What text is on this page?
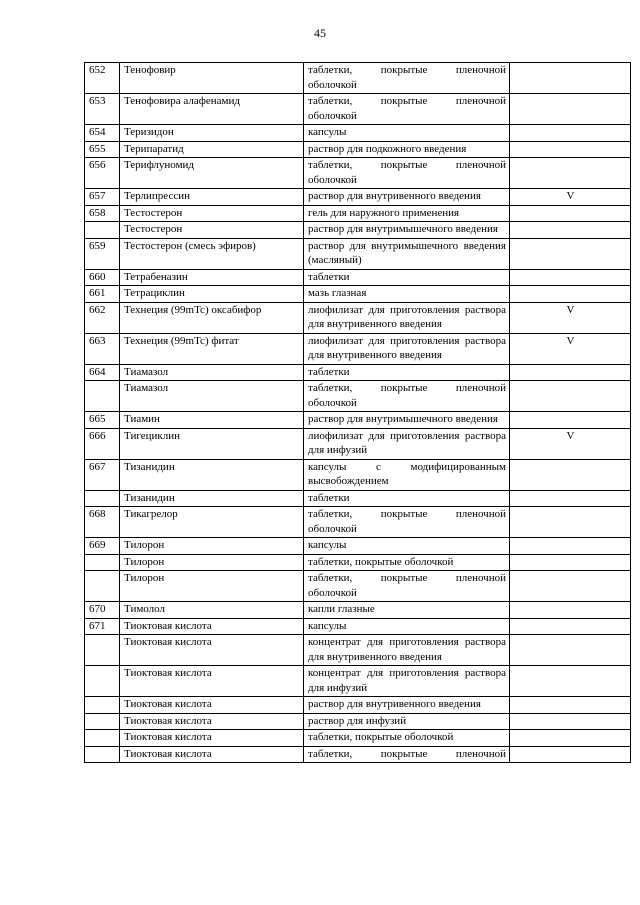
45
652	Тенофовир	таблетки, покрытые пленочной оболочкой	
653	Тенофовира алафенамид	таблетки, покрытые пленочной оболочкой	
654	Теризидон	капсулы	
655	Терипаратид	раствор для подкожного введения	
656	Терифлуномид	таблетки, покрытые пленочной оболочкой	
657	Терлипрессин	раствор для внутривенного введения	V
658	Тестостерон	гель для наружного применения	
	Тестостерон	раствор для внутримышечного введения	
659	Тестостерон (смесь эфиров)	раствор для внутримышечного введения (масляный)	
660	Тетрабеназин	таблетки	
661	Тетрациклин	мазь глазная	
662	Технеция (99mTc) оксабифор	лиофилизат для приготовления раствора для внутривенного введения	V
663	Технеция (99mTc) фитат	лиофилизат для приготовления раствора для внутривенного введения	V
664	Тиамазол	таблетки	
	Тиамазол	таблетки, покрытые пленочной оболочкой	
665	Тиамин	раствор для внутримышечного введения	
666	Тигециклин	лиофилизат для приготовления раствора для инфузий	V
667	Тизанидин	капсулы с модифицированным высвобождением	
	Тизанидин	таблетки	
668	Тикагрелор	таблетки, покрытые пленочной оболочкой	
669	Тилорон	капсулы	
	Тилорон	таблетки, покрытые оболочкой	
	Тилорон	таблетки, покрытые пленочной оболочкой	
670	Тимолол	капли глазные	
671	Тиоктовая кислота	капсулы	
	Тиоктовая кислота	концентрат для приготовления раствора для внутривенного введения	
	Тиоктовая кислота	концентрат для приготовления раствора для инфузий	
	Тиоктовая кислота	раствор для внутривенного введения	
	Тиоктовая кислота	раствор для инфузий	
	Тиоктовая кислота	таблетки, покрытые оболочкой	
	Тиоктовая кислота	таблетки, покрытые пленочной	
